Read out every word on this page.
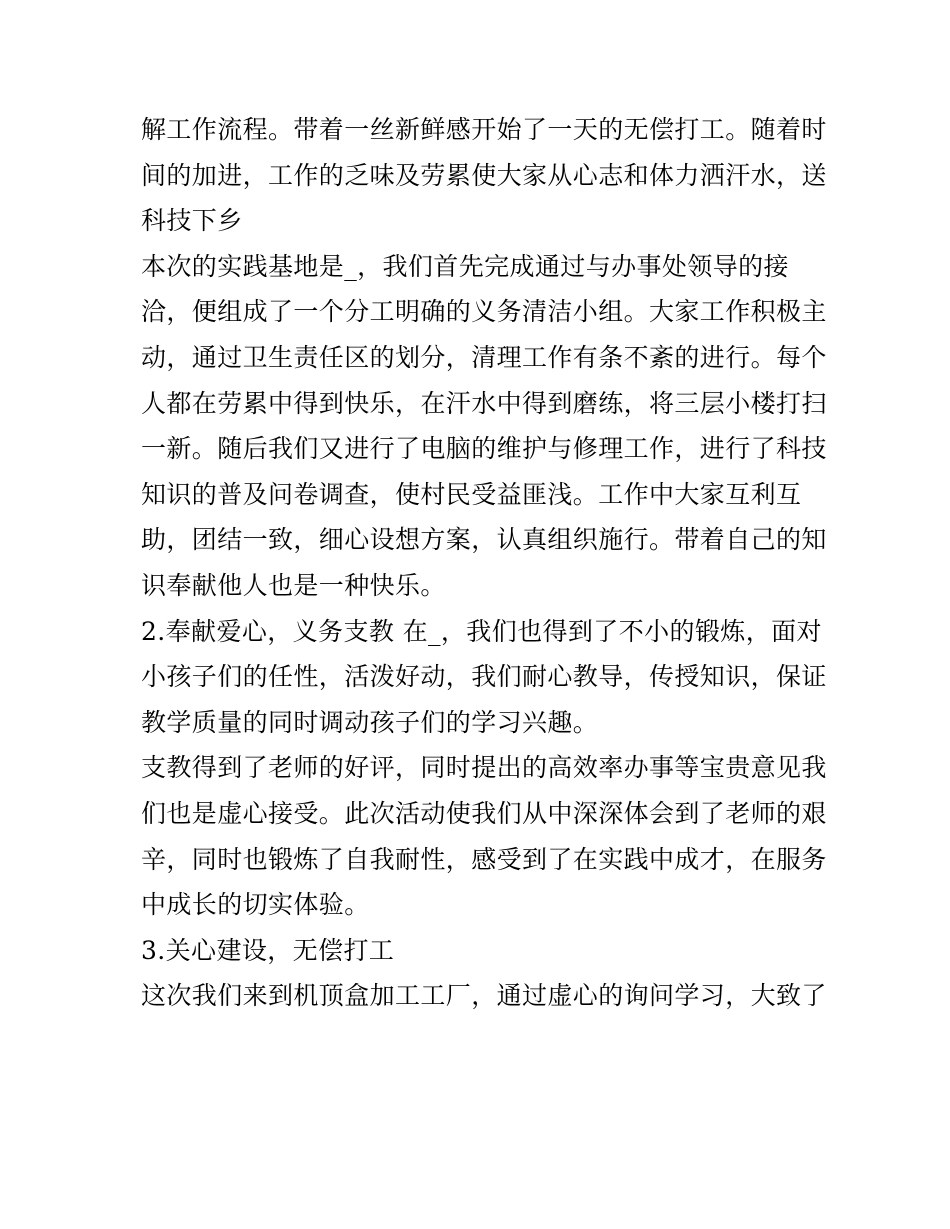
解工作流程。带着一丝新鲜感开始了一天的无偿打工。随着时
间的加进，工作的乏味及劳累使大家从心志和体力洒汗水，送
科技下乡
本次的实践基地是_，我们首先完成通过与办事处领导的接
洽，便组成了一个分工明确的义务清洁小组。大家工作积极主
动，通过卫生责任区的划分，清理工作有条不紊的进行。每个
人都在劳累中得到快乐，在汗水中得到磨练，将三层小楼打扫
一新。随后我们又进行了电脑的维护与修理工作，进行了科技
知识的普及问卷调查，使村民受益匪浅。工作中大家互利互
助，团结一致，细心设想方案，认真组织施行。带着自己的知
识奉献他人也是一种快乐。
2.奉献爱心，义务支教 在_，我们也得到了不小的锻炼，面对
小孩子们的任性，活泼好动，我们耐心教导，传授知识，保证
教学质量的同时调动孩子们的学习兴趣。
支教得到了老师的好评，同时提出的高效率办事等宝贵意见我
们也是虚心接受。此次活动使我们从中深深体会到了老师的艰
辛，同时也锻炼了自我耐性，感受到了在实践中成才，在服务
中成长的切实体验。
3.关心建设，无偿打工
这次我们来到机顶盒加工工厂，通过虚心的询问学习，大致了
